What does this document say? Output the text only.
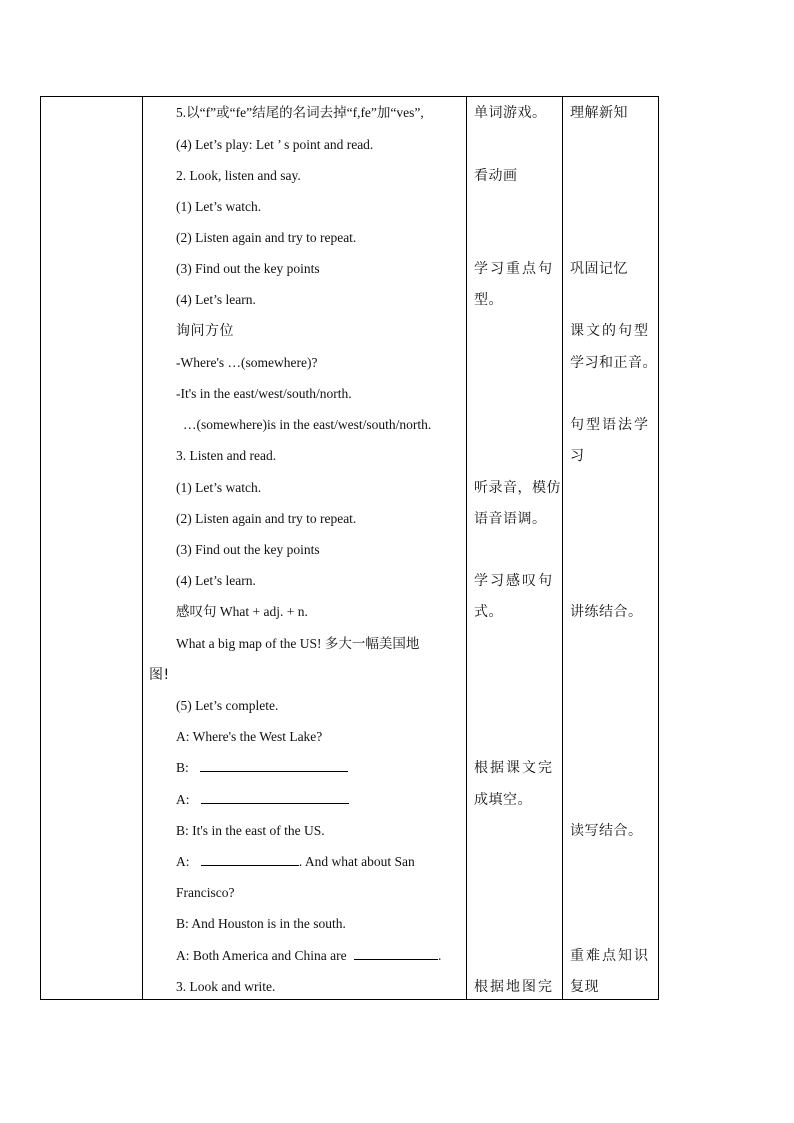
5.以“f”或“fe”结尾的名词去掉“f,fe”加“ves”,
(4) Let’s play: Let ’ s point and read.
2. Look, listen and say.
(1) Let’s watch.
(2) Listen again and try to repeat.
(3) Find out the key points
(4) Let’s learn.
询问方位
-Where's …(somewhere)?
-It's in the east/west/south/north.
…(somewhere)is in the east/west/south/north.
3. Listen and read.
(1) Let’s watch.
(2) Listen again and try to repeat.
(3) Find out the key points
(4) Let’s learn.
感叹句 What + adj. + n.
What a big map of the US! 多大一幅美国地
图!
(5) Let’s complete.
A: Where's the West Lake?
B:
A:
B: It's in the east of the US.
A:	. And what about San
Francisco?
B: And Houston is in the south.
A: Both America and China are	.
3. Look and write.
单词游戏。
看动画
学习重点句
型。
听录音，模仿
语音语调。
学习感叹句
式。
根据课文完
成填空。
根据地图完
理解新知
巩固记忆
课文的句型
学习和正音。
句型语法学
习
讲练结合。
读写结合。
重难点知识
复现
